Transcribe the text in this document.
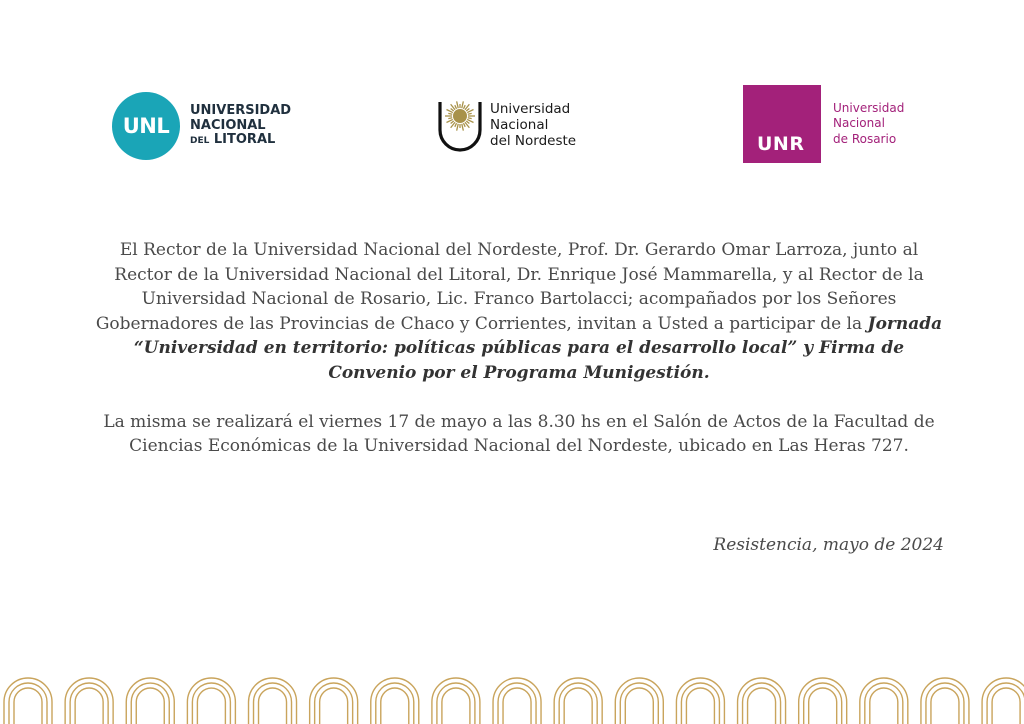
UNL
UNIVERSIDAD
NACIONAL
DEL LITORAL
Universidad
Nacional
del Nordeste	UNR
Universidad
Nacional
de Rosario

El Rector de la Universidad Nacional del Nordeste, Prof. Dr. Gerardo Omar Larroza, junto al Rector de la Universidad Nacional del Litoral, Dr. Enrique José Mammarella, y al Rector de la Universidad Nacional de Rosario, Lic. Franco Bartolacci; acompañados por los Señores Gobernadores de las Provincias de Chaco y Corrientes, invitan a Usted a participar de la Jornada “Universidad en territorio: políticas públicas para el desarrollo local” y Firma de Convenio por el Programa Munigestión.

La misma se realizará el viernes 17 de mayo a las 8.30 hs en el Salón de Actos de la Facultad de Ciencias Económicas de la Universidad Nacional del Nordeste, ubicado en Las Heras 727.

Resistencia, mayo de 2024
